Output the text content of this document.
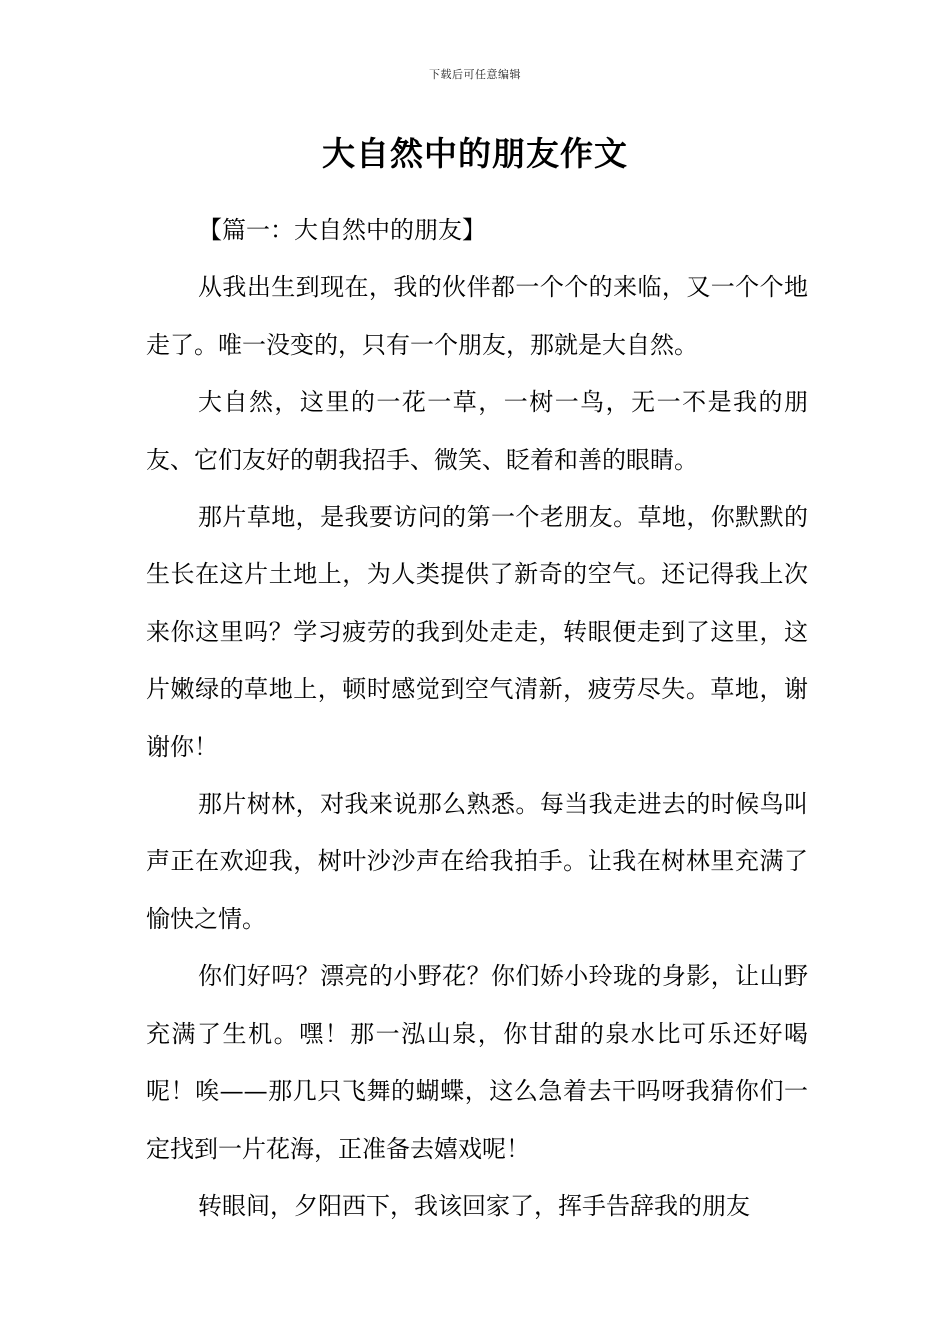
下载后可任意编辑
大自然中的朋友作文

【篇一：大自然中的朋友】

从我出生到现在，我的伙伴都一个个的来临，又一个个地走了。唯一没变的，只有一个朋友，那就是大自然。

大自然，这里的一花一草，一树一鸟，无一不是我的朋友、它们友好的朝我招手、微笑、眨着和善的眼睛。

那片草地，是我要访问的第一个老朋友。草地，你默默的生长在这片土地上，为人类提供了新奇的空气。还记得我上次来你这里吗？学习疲劳的我到处走走，转眼便走到了这里，这片嫩绿的草地上，顿时感觉到空气清新，疲劳尽失。草地，谢谢你！

那片树林，对我来说那么熟悉。每当我走进去的时候鸟叫声正在欢迎我，树叶沙沙声在给我拍手。让我在树林里充满了愉快之情。

你们好吗？漂亮的小野花？你们娇小玲珑的身影，让山野充满了生机。嘿！那一泓山泉，你甘甜的泉水比可乐还好喝呢！唉——那几只飞舞的蝴蝶，这么急着去干吗呀我猜你们一定找到一片花海，正准备去嬉戏呢！

转眼间，夕阳西下，我该回家了，挥手告辞我的朋友
